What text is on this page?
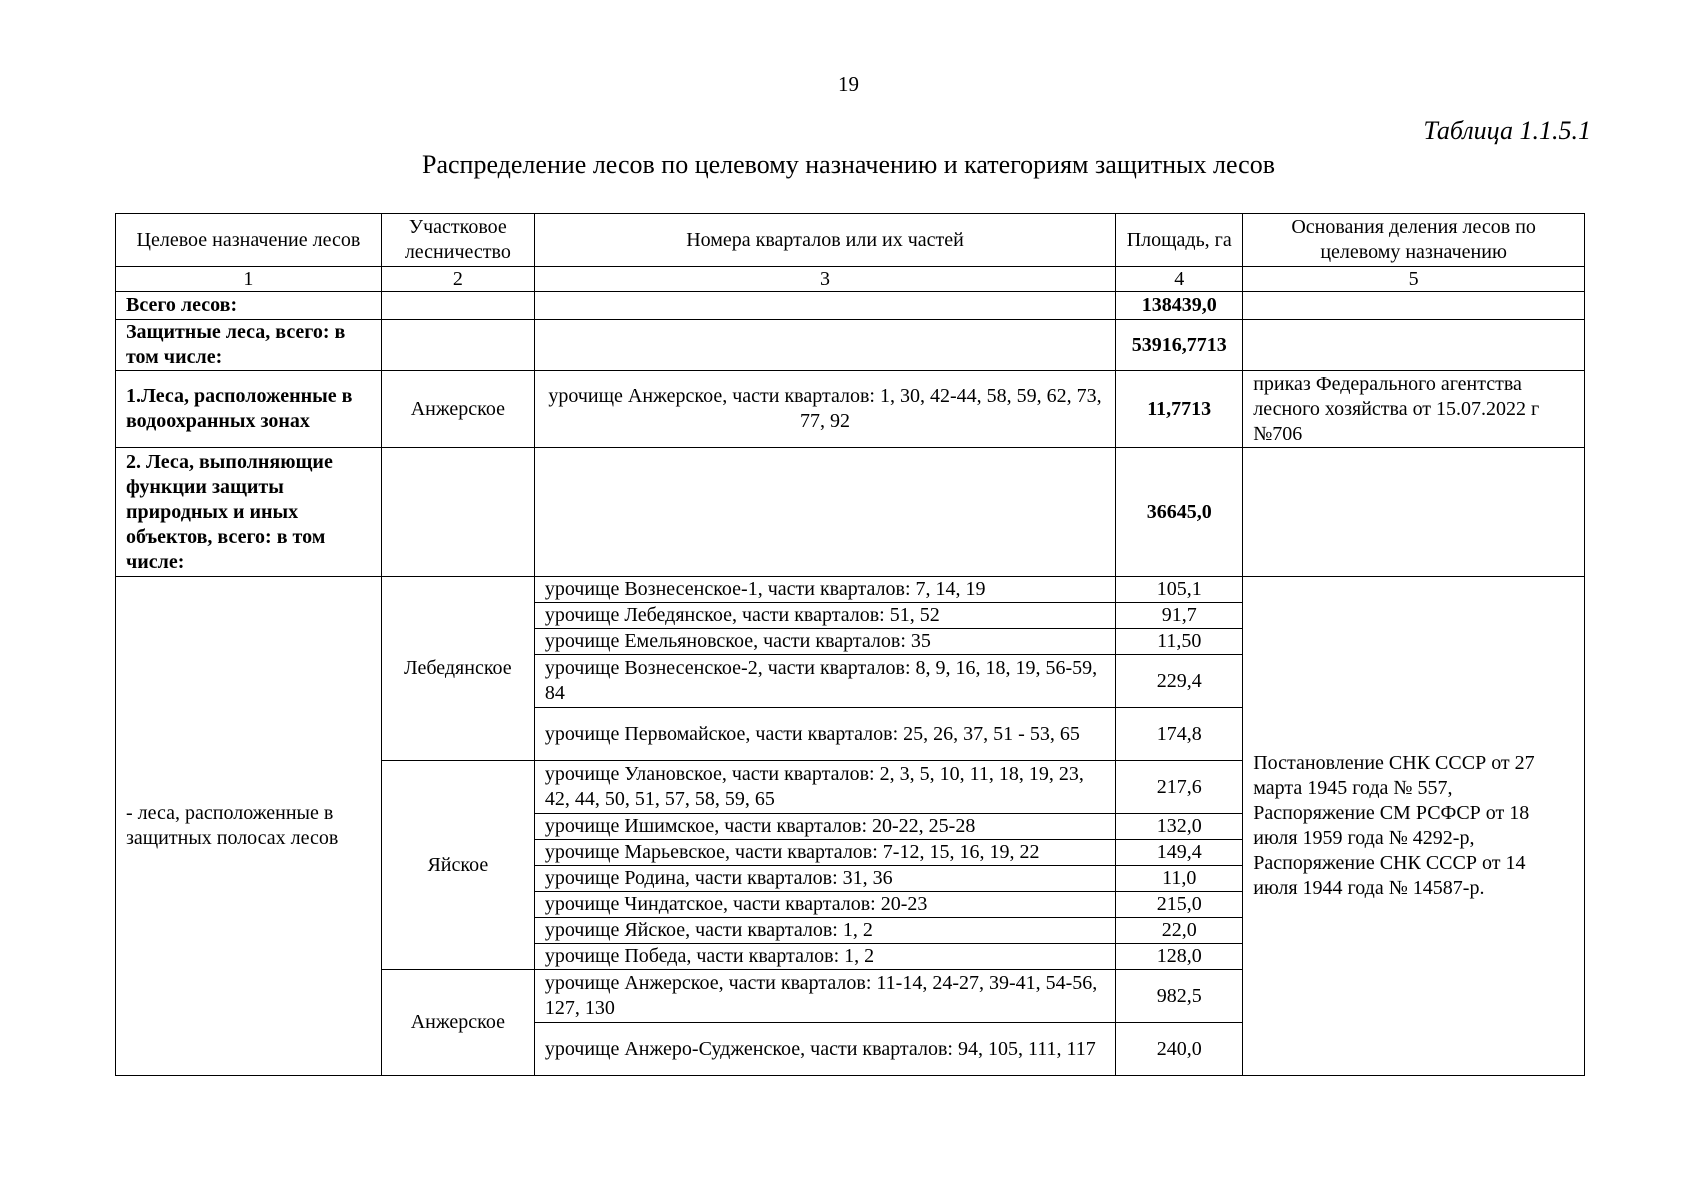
19
Таблица 1.1.5.1
Распределение лесов по целевому назначению и категориям защитных лесов
Целевое назначение лесов	Участковое лесничество	Номера кварталов или их частей	Площадь, га	Основания деления лесов по целевому назначению
1	2	3	4	5
Всего лесов:			138439,0	
Защитные леса, всего: в том числе:			53916,7713	
1.Леса, расположенные в водоохранных зонах	Анжерское	урочище Анжерское, части кварталов: 1, 30, 42-44, 58, 59, 62, 73, 77, 92	11,7713	приказ Федерального агентства лесного хозяйства от 15.07.2022 г №706
2. Леса, выполняющие функции защиты природных и иных объектов, всего: в том числе:			36645,0	
- леса, расположенные в защитных полосах лесов	Лебедянское	урочище Вознесенское-1, части кварталов: 7, 14, 19	105,1	Постановление СНК СССР от 27 марта 1945 года № 557, Распоряжение СМ РСФСР от 18 июля 1959 года № 4292-р, Распоряжение СНК СССР от 14 июля 1944 года № 14587-р.
		урочище Лебедянское, части кварталов: 51, 52	91,7	
		урочище Емельяновское, части кварталов: 35	11,50	
		урочище Вознесенское-2, части кварталов: 8, 9, 16, 18, 19, 56-59, 84	229,4	
		урочище Первомайское, части кварталов: 25, 26, 37, 51 - 53, 65	174,8	
	Яйское	урочище Улановское, части кварталов: 2, 3, 5, 10, 11, 18, 19, 23, 42, 44, 50, 51, 57, 58, 59, 65	217,6	
		урочище Ишимское, части кварталов: 20-22, 25-28	132,0	
		урочище Марьевское, части кварталов: 7-12, 15, 16, 19, 22	149,4	
		урочище Родина, части кварталов: 31, 36	11,0	
		урочище Чиндатское, части кварталов: 20-23	215,0	
		урочище Яйское, части кварталов: 1, 2	22,0	
		урочище Победа, части кварталов: 1, 2	128,0	
	Анжерское	урочище Анжерское, части кварталов: 11-14, 24-27, 39-41, 54-56, 127, 130	982,5	
		урочище Анжеро-Судженское, части кварталов: 94, 105, 111, 117	240,0	
